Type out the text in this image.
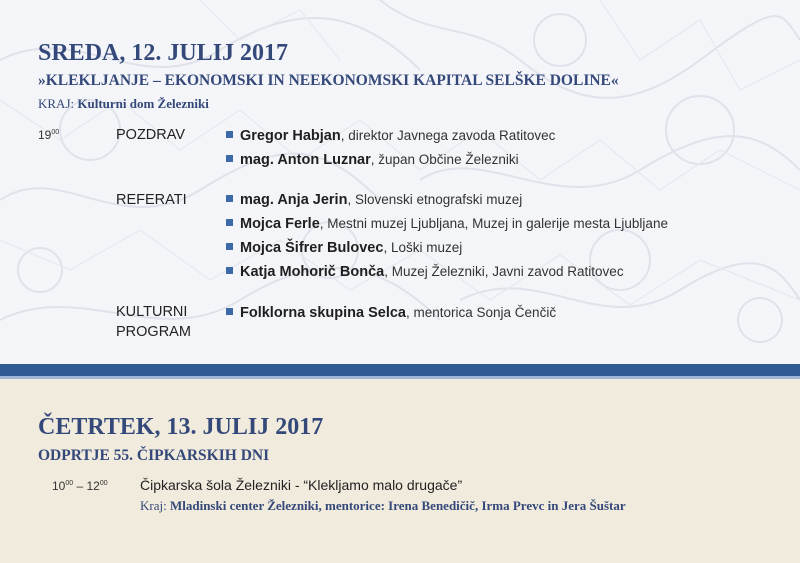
SREDA, 12. JULIJ 2017
»KLEKLJANJE – EKONOMSKI IN NEEKONOMSKI KAPITAL SELŠKE DOLINE«
KRAJ: Kulturni dom Železniki
$19^{00}$	POZDRAV	Gregor Habjan, direktor Javnega zavoda Ratitovec
mag. Anton Luznar, župan Občine Železniki
REFERATI	mag. Anja Jerin, Slovenski etnografski muzej
Mojca Ferle, Mestni muzej Ljubljana, Muzej in galerije mesta Ljubljane
Mojca Šifrer Bulovec, Loški muzej
Katja Mohorič Bonča, Muzej Železniki, Javni zavod Ratitovec
KULTURNI
PROGRAM
Folklorna skupina Selca, mentorica Sonja Čenčič
ČETRTEK, 13. JULIJ 2017
ODPRTJE 55. ČIPKARSKIH DNI
$10^{00} - 12^{00}$ Čipkarska šola Železniki - “Klekljamo malo drugače”
Kraj: Mladinski center Železniki, mentorice: Irena Benedičič, Irma Prevc in Jera Šuštar
